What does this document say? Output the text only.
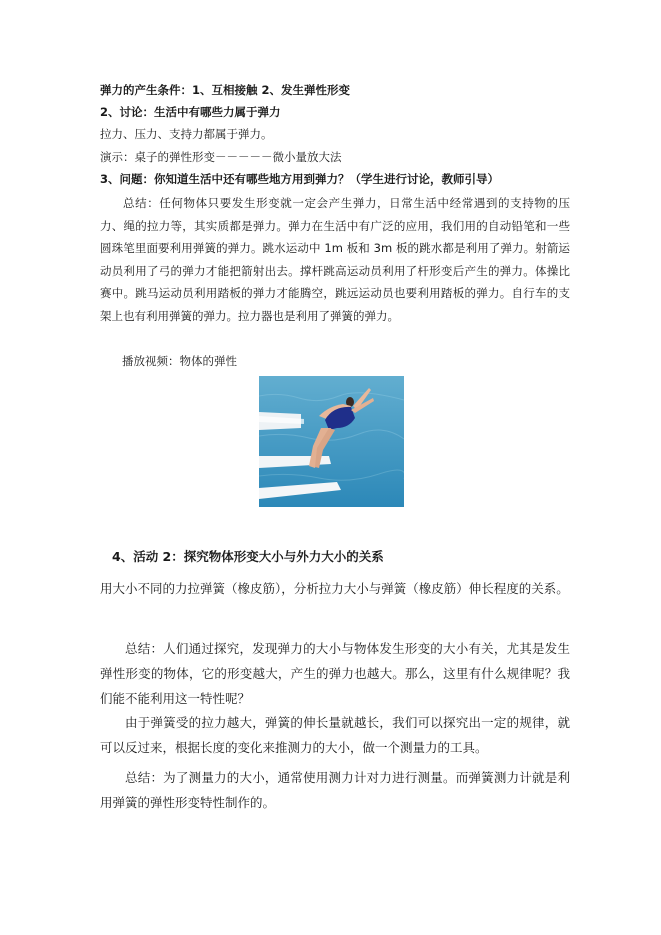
弹力的产生条件：1、互相接触 2、发生弹性形变
2、讨论：生活中有哪些力属于弹力
拉力、压力、支持力都属于弹力。
演示：桌子的弹性形变－－－－－微小量放大法
3、问题：你知道生活中还有哪些地方用到弹力？（学生进行讨论，教师引导）
总结：任何物体只要发生形变就一定会产生弹力，日常生活中经常遇到的支持物的压力、绳的拉力等，其实质都是弹力。弹力在生活中有广泛的应用，我们用的自动铅笔和一些圆珠笔里面要利用弹簧的弹力。跳水运动中 1m 板和 3m 板的跳水都是利用了弹力。射箭运动员利用了弓的弹力才能把箭射出去。撑杆跳高运动员利用了杆形变后产生的弹力。体操比赛中。跳马运动员利用踏板的弹力才能腾空，跳远运动员也要利用踏板的弹力。自行车的支架上也有利用弹簧的弹力。拉力器也是利用了弹簧的弹力。
播放视频：物体的弹性
4、活动 2：探究物体形变大小与外力大小的关系
用大小不同的力拉弹簧（橡皮筋），分析拉力大小与弹簧（橡皮筋）伸长程度的关系。
总结：人们通过探究，发现弹力的大小与物体发生形变的大小有关，尤其是发生弹性形变的物体，它的形变越大，产生的弹力也越大。那么，这里有什么规律呢？我们能不能利用这一特性呢？
由于弹簧受的拉力越大，弹簧的伸长量就越长，我们可以探究出一定的规律，就可以反过来，根据长度的变化来推测力的大小，做一个测量力的工具。
总结：为了测量力的大小，通常使用测力计对力进行测量。而弹簧测力计就是利用弹簧的弹性形变特性制作的。
